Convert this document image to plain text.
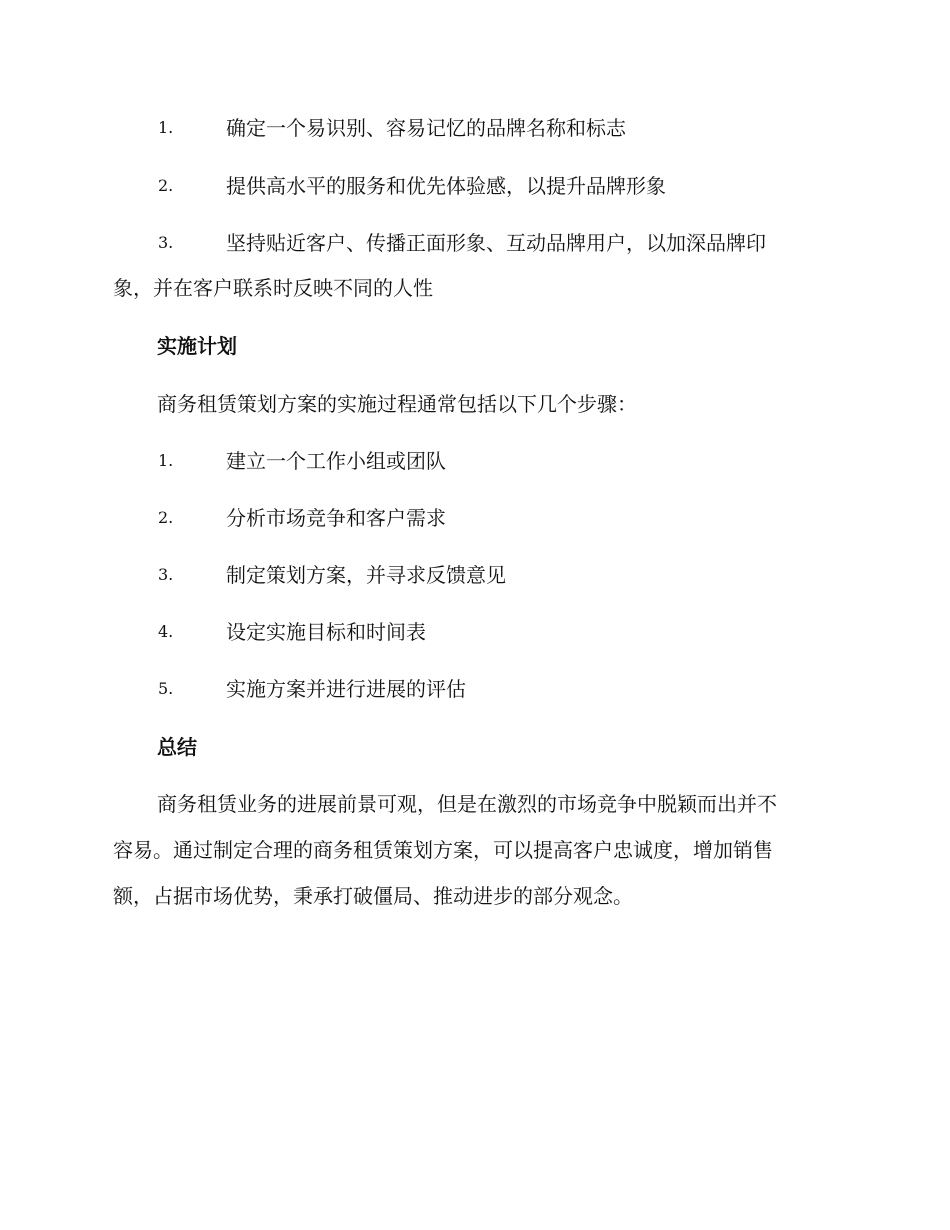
1.	确定一个易识别、容易记忆的品牌名称和标志
2.	提供高水平的服务和优先体验感，以提升品牌形象
3.	坚持贴近客户、传播正面形象、互动品牌用户，以加深品牌印
象，并在客户联系时反映不同的人性
实施计划
商务租赁策划方案的实施过程通常包括以下几个步骤：
1.	建立一个工作小组或团队
2.	分析市场竞争和客户需求
3.	制定策划方案，并寻求反馈意见
4.	设定实施目标和时间表
5.	实施方案并进行进展的评估
总结
商务租赁业务的进展前景可观，但是在激烈的市场竞争中脱颖而出并不
容易。通过制定合理的商务租赁策划方案，可以提高客户忠诚度，增加销售
额，占据市场优势，秉承打破僵局、推动进步的部分观念。
